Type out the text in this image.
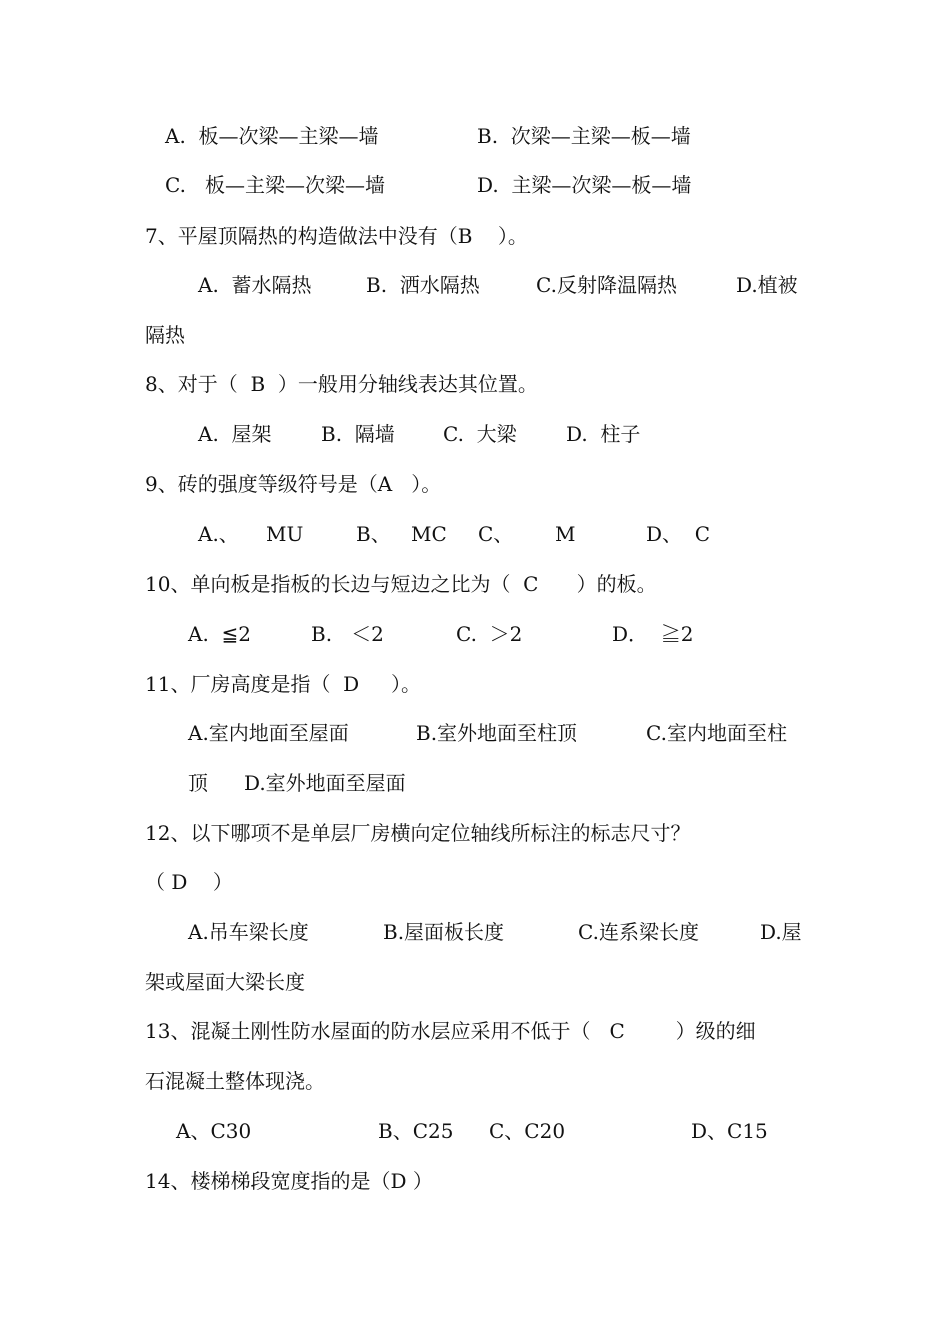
A.  板—次梁—主梁—墙

	B.  次梁—主梁—板—墙

C.   板—主梁—次梁—墙

	D.  主梁—次梁—板—墙

7、平屋顶隔热的构造做法中没有（B    ）。

A.  蓄水隔热

	B.  洒水隔热

	C.反射降温隔热

	D.植被

隔热

8、对于（  B  ）一般用分轴线表达其位置。

A.  屋架

B.  隔墙

C.  大梁

D.  柱子

9、砖的强度等级符号是（A   ）。

A.、

MU

	B、

MC

C、

M

	D、  C

10、单向板是指板的长边与短边之比为（  C      ）的板。

A.  ≦2

	B.   ＜2

	C.  ＞2

	D．  ≧2

11、厂房高度是指（  D     ）。

A.室内地面至屋面

	B.室外地面至柱顶

	C.室内地面至柱

顶

D.室外地面至屋面

12、以下哪项不是单层厂房横向定位轴线所标注的标志尺寸？

（ D    ）

A.吊车梁长度

	B.屋面板长度

	C.连系梁长度

	D.屋

架或屋面大梁长度

13、混凝土刚性防水屋面的防水层应采用不低于（   C        ）级的细

石混凝土整体现浇。

A、C30

	B、C25

C、C20

	D、C15

14、楼梯梯段宽度指的是（D ）
